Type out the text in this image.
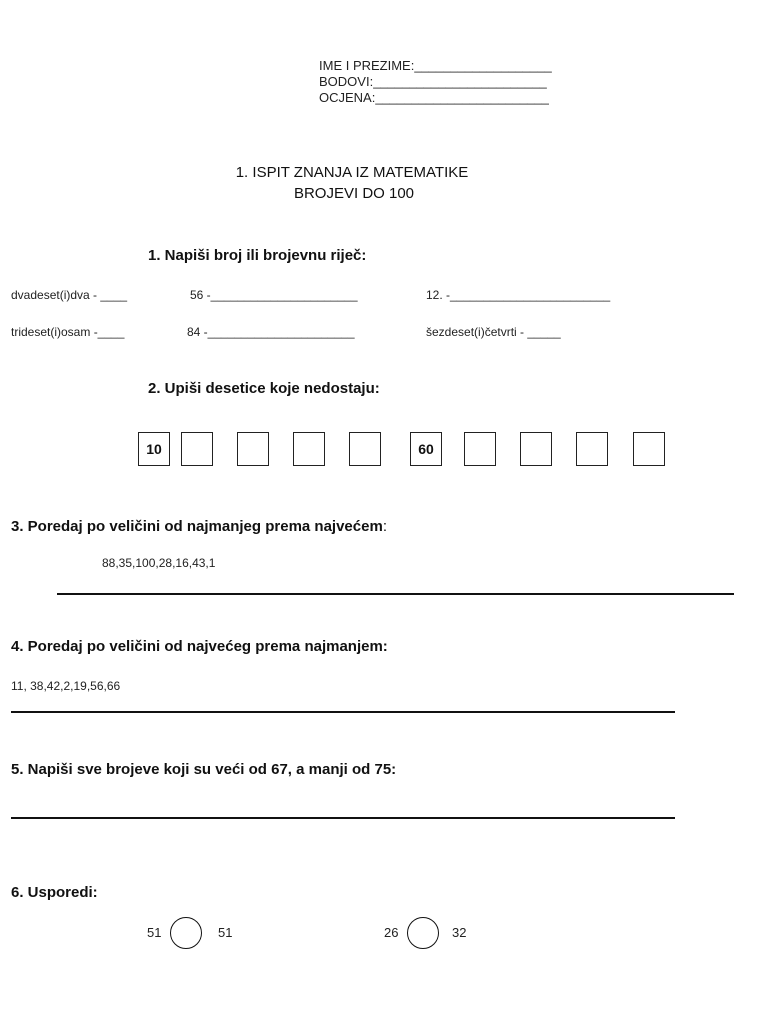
IME I PREZIME:___________________
BODOVI:________________________
OCJENA:________________________
1. ISPIT ZNANJA IZ MATEMATIKE
BROJEVI DO 100
1. Napiši broj ili brojevnu riječ:
dvadeset(i)dva - ____	56 -______________________	12. -________________________
trideset(i)osam -____	84 -______________________	šezdeset(i)četvrti - _____
2. Upiši desetice koje nedostaju:
10	60
3. Poredaj po veličini od najmanjeg prema najvećem:
88,35,100,28,16,43,1
4. Poredaj po veličini od najvećeg prema najmanjem:
11, 38,42,2,19,56,66
5. Napiši sve brojeve koji su veći od 67, a manji od 75:
6. Usporedi:
51	51	26	32
